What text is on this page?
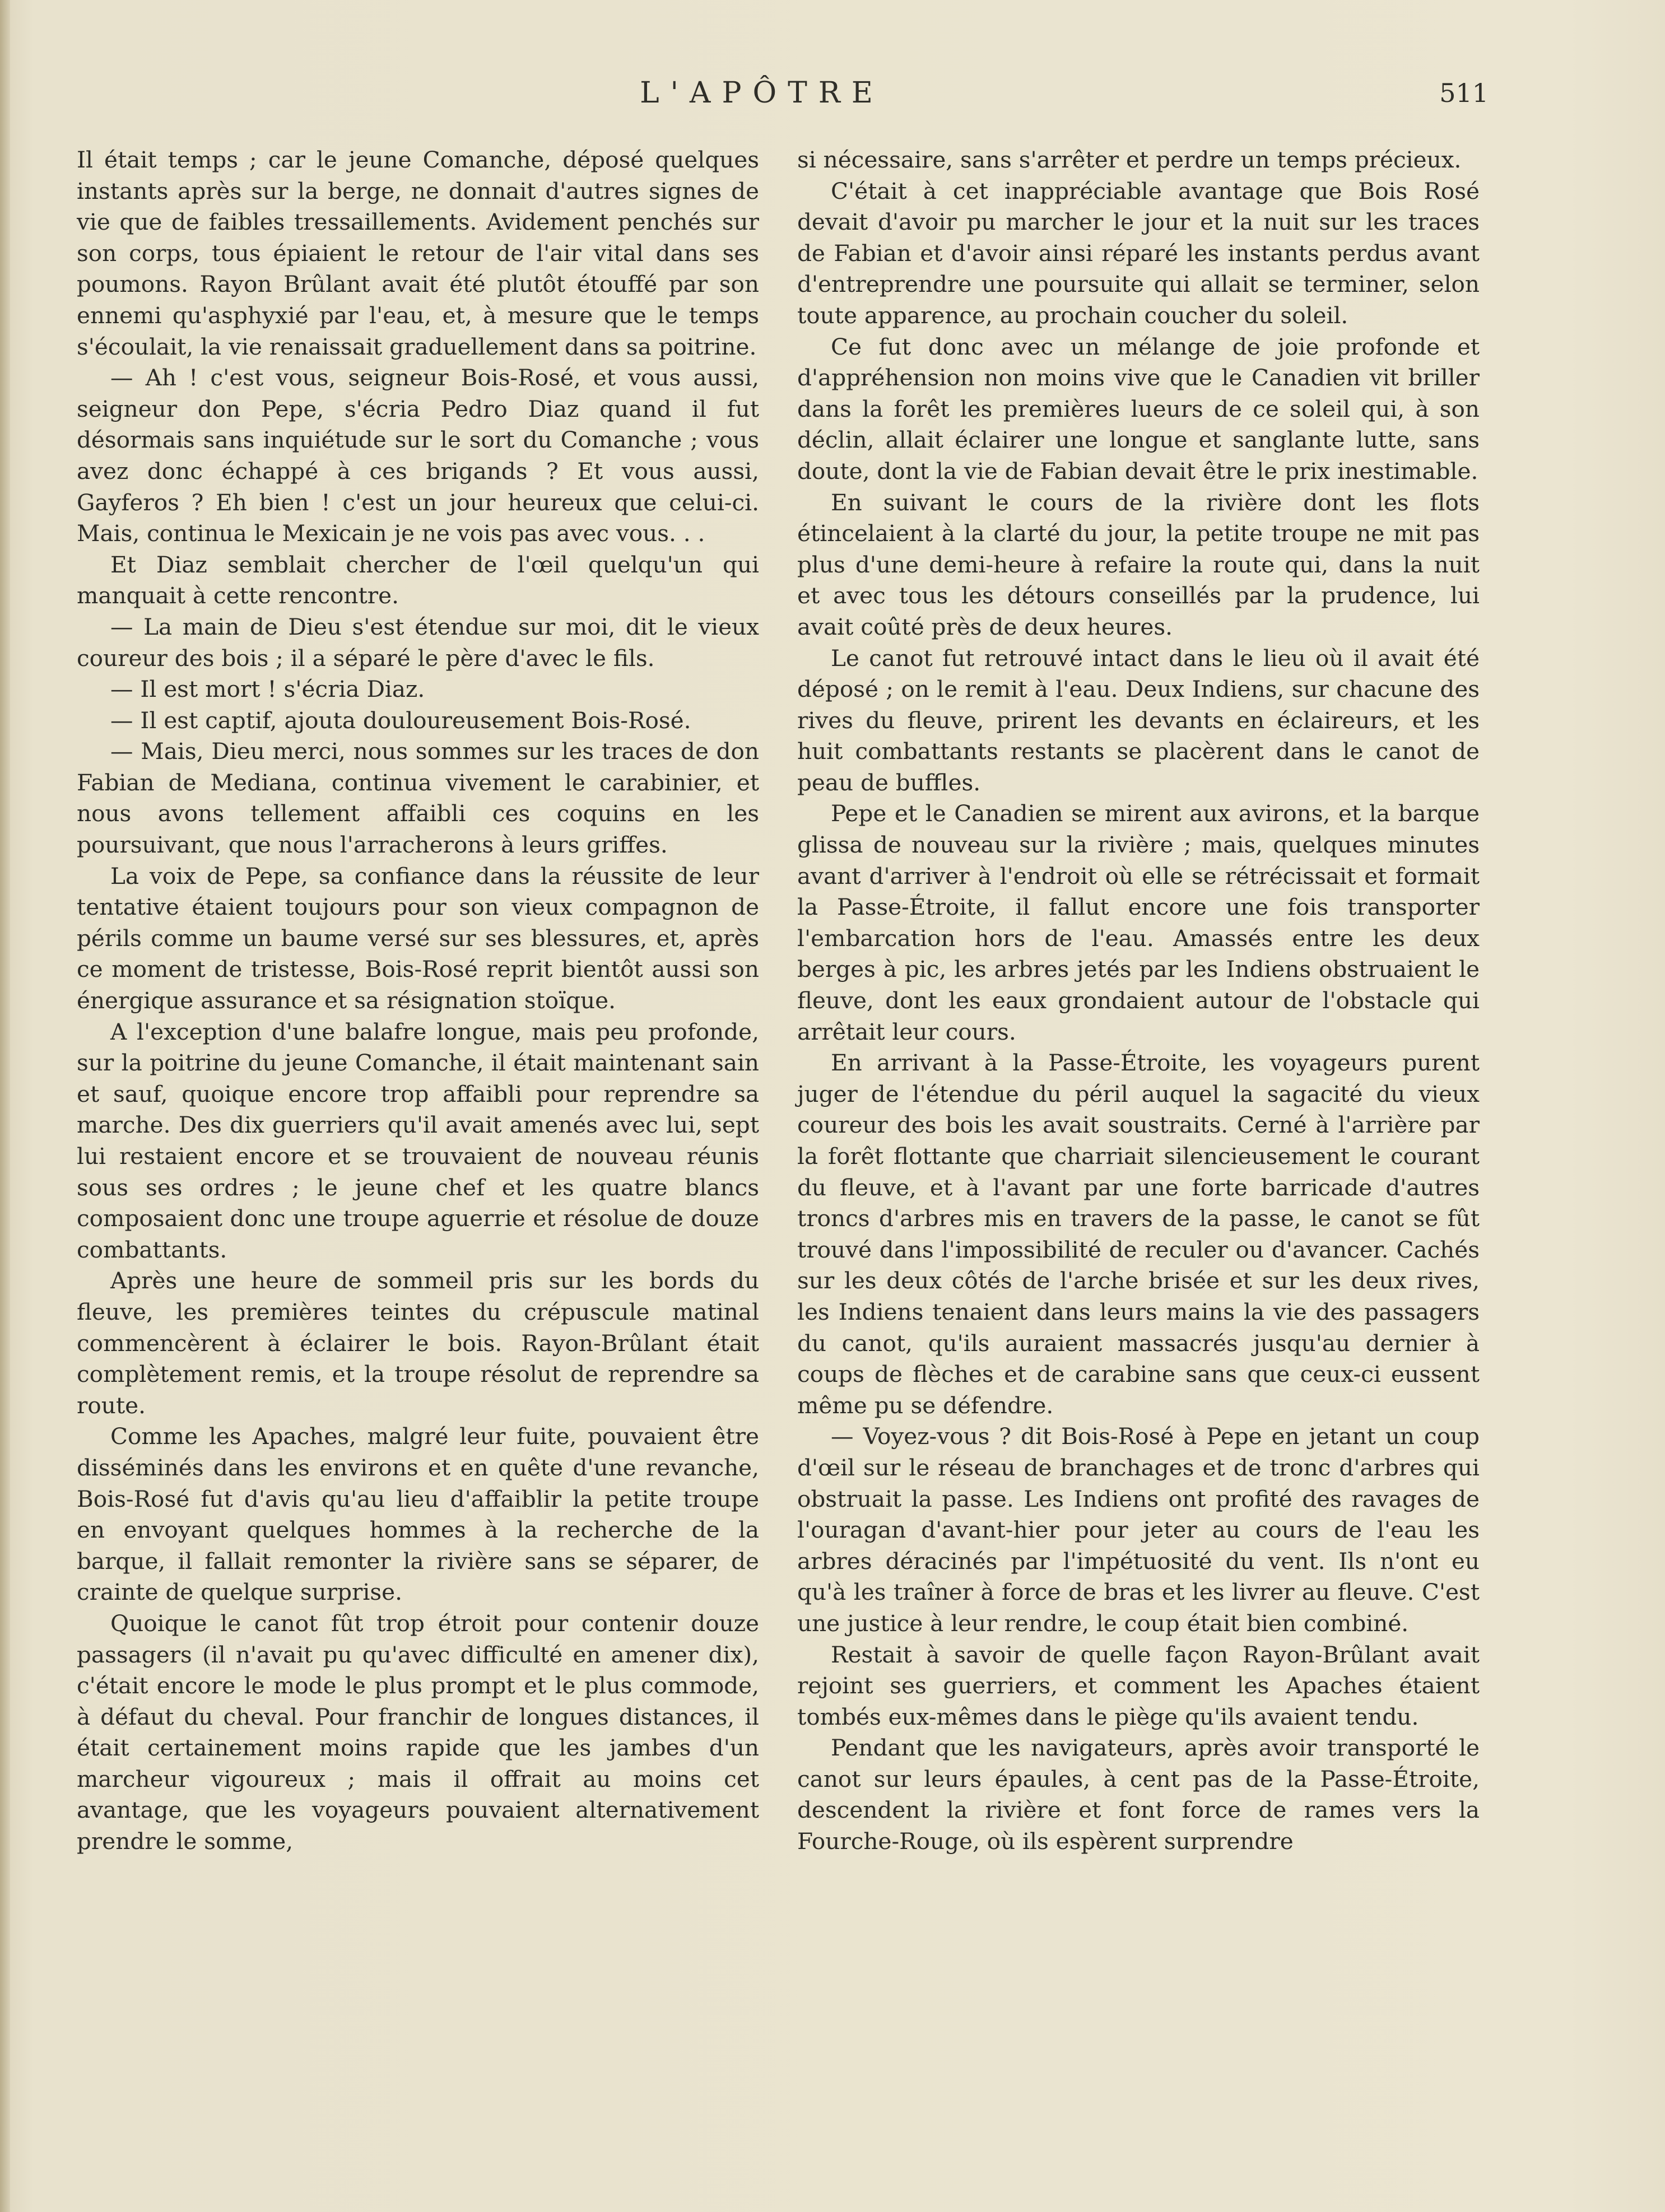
L'APÔTRE	511

Il était temps ; car le jeune Comanche, déposé quelques instants après sur la berge, ne donnait d'autres signes de vie que de faibles tressaillements. Avidement penchés sur son corps, tous épiaient le retour de l'air vital dans ses poumons. Rayon Brûlant avait été plutôt étouffé par son ennemi qu'asphyxié par l'eau, et, à mesure que le temps s'écoulait, la vie renaissait graduellement dans sa poitrine.

— Ah ! c'est vous, seigneur Bois-Rosé, et vous aussi, seigneur don Pepe, s'écria Pedro Diaz quand il fut désormais sans inquiétude sur le sort du Comanche ; vous avez donc échappé à ces brigands ? Et vous aussi, Gayferos ? Eh bien ! c'est un jour heureux que celui-ci. Mais, continua le Mexicain je ne vois pas avec vous. . .

Et Diaz semblait chercher de l'œil quelqu'un qui manquait à cette rencontre.

— La main de Dieu s'est étendue sur moi, dit le vieux coureur des bois ; il a séparé le père d'avec le fils.

— Il est mort ! s'écria Diaz.

— Il est captif, ajouta douloureusement Bois-Rosé.

— Mais, Dieu merci, nous sommes sur les traces de don Fabian de Mediana, continua vivement le carabinier, et nous avons tellement affaibli ces coquins en les poursuivant, que nous l'arracherons à leurs griffes.

La voix de Pepe, sa confiance dans la réussite de leur tentative étaient toujours pour son vieux compagnon de périls comme un baume versé sur ses blessures, et, après ce moment de tristesse, Bois-Rosé reprit bientôt aussi son énergique assurance et sa résignation stoïque.

A l'exception d'une balafre longue, mais peu profonde, sur la poitrine du jeune Comanche, il était maintenant sain et sauf, quoique encore trop affaibli pour reprendre sa marche. Des dix guerriers qu'il avait amenés avec lui, sept lui restaient encore et se trouvaient de nouveau réunis sous ses ordres ; le jeune chef et les quatre blancs composaient donc une troupe aguerrie et résolue de douze combattants.

Après une heure de sommeil pris sur les bords du fleuve, les premières teintes du crépuscule matinal commencèrent à éclairer le bois. Rayon-Brûlant était complètement remis, et la troupe résolut de reprendre sa route.

Comme les Apaches, malgré leur fuite, pouvaient être disséminés dans les environs et en quête d'une revanche, Bois-Rosé fut d'avis qu'au lieu d'affaiblir la petite troupe en envoyant quelques hommes à la recherche de la barque, il fallait remonter la rivière sans se séparer, de crainte de quelque surprise.

Quoique le canot fût trop étroit pour contenir douze passagers (il n'avait pu qu'avec difficulté en amener dix), c'était encore le mode le plus prompt et le plus commode, à défaut du cheval. Pour franchir de longues distances, il était certainement moins rapide que les jambes d'un marcheur vigoureux ; mais il offrait au moins cet avantage, que les voyageurs pouvaient alternativement prendre le somme,

si nécessaire, sans s'arrêter et perdre un temps précieux.

C'était à cet inappréciable avantage que Bois Rosé devait d'avoir pu marcher le jour et la nuit sur les traces de Fabian et d'avoir ainsi réparé les instants perdus avant d'entreprendre une poursuite qui allait se terminer, selon toute apparence, au prochain coucher du soleil.

Ce fut donc avec un mélange de joie profonde et d'appréhension non moins vive que le Canadien vit briller dans la forêt les premières lueurs de ce soleil qui, à son déclin, allait éclairer une longue et sanglante lutte, sans doute, dont la vie de Fabian devait être le prix inestimable.

En suivant le cours de la rivière dont les flots étincelaient à la clarté du jour, la petite troupe ne mit pas plus d'une demi-heure à refaire la route qui, dans la nuit et avec tous les détours conseillés par la prudence, lui avait coûté près de deux heures.

Le canot fut retrouvé intact dans le lieu où il avait été déposé ; on le remit à l'eau. Deux Indiens, sur chacune des rives du fleuve, prirent les devants en éclaireurs, et les huit combattants restants se placèrent dans le canot de peau de buffles.

Pepe et le Canadien se mirent aux avirons, et la barque glissa de nouveau sur la rivière ; mais, quelques minutes avant d'arriver à l'endroit où elle se rétrécissait et formait la Passe-Étroite, il fallut encore une fois transporter l'embarcation hors de l'eau. Amassés entre les deux berges à pic, les arbres jetés par les Indiens obstruaient le fleuve, dont les eaux grondaient autour de l'obstacle qui arrêtait leur cours.

En arrivant à la Passe-Étroite, les voyageurs purent juger de l'étendue du péril auquel la sagacité du vieux coureur des bois les avait soustraits. Cerné à l'arrière par la forêt flottante que charriait silencieusement le courant du fleuve, et à l'avant par une forte barricade d'autres troncs d'arbres mis en travers de la passe, le canot se fût trouvé dans l'impossibilité de reculer ou d'avancer. Cachés sur les deux côtés de l'arche brisée et sur les deux rives, les Indiens tenaient dans leurs mains la vie des passagers du canot, qu'ils auraient massacrés jusqu'au dernier à coups de flèches et de carabine sans que ceux-ci eussent même pu se défendre.

— Voyez-vous ? dit Bois-Rosé à Pepe en jetant un coup d'œil sur le réseau de branchages et de tronc d'arbres qui obstruait la passe. Les Indiens ont profité des ravages de l'ouragan d'avant-hier pour jeter au cours de l'eau les arbres déracinés par l'impétuosité du vent. Ils n'ont eu qu'à les traîner à force de bras et les livrer au fleuve. C'est une justice à leur rendre, le coup était bien combiné.

Restait à savoir de quelle façon Rayon-Brûlant avait rejoint ses guerriers, et comment les Apaches étaient tombés eux-mêmes dans le piège qu'ils avaient tendu.

Pendant que les navigateurs, après avoir transporté le canot sur leurs épaules, à cent pas de la Passe-Étroite, descendent la rivière et font force de rames vers la Fourche-Rouge, où ils espèrent surprendre
